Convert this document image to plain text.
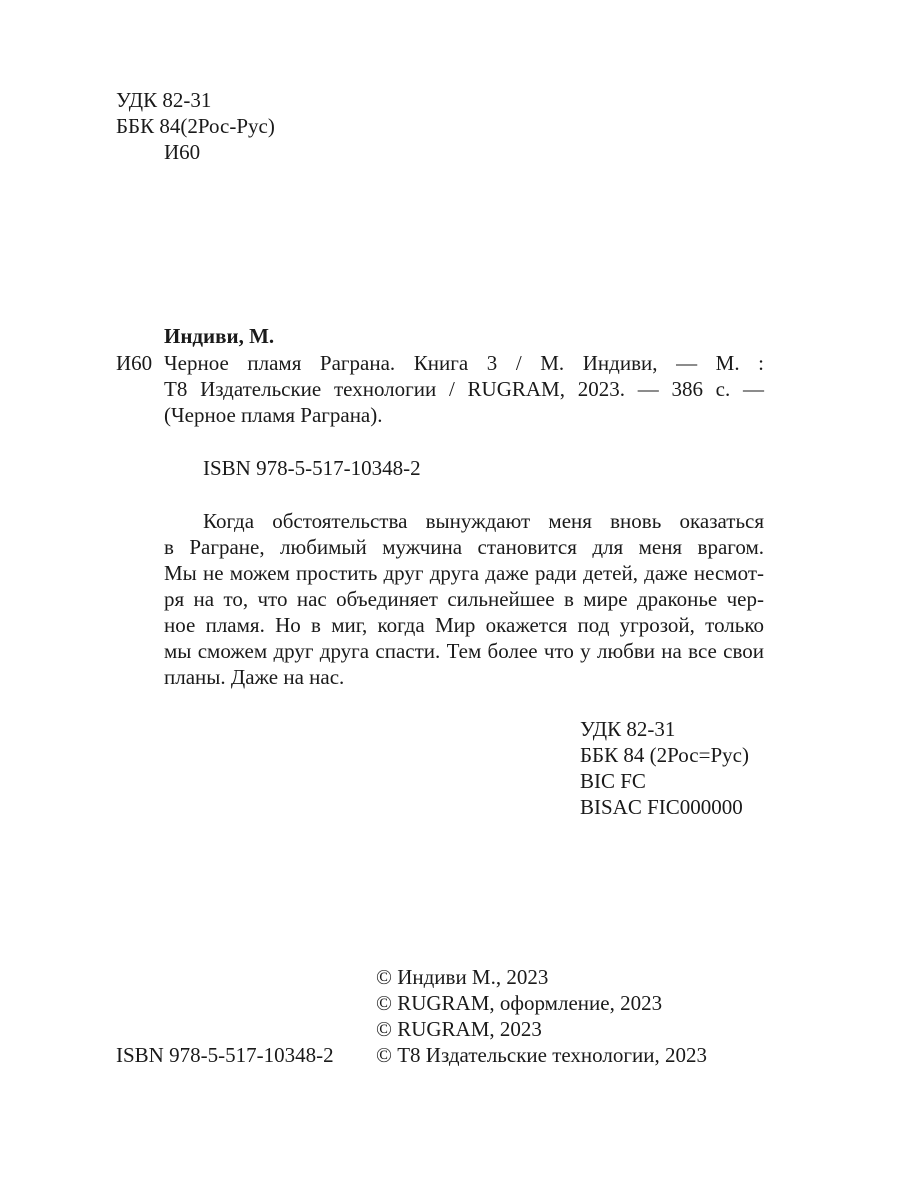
УДК 82-31
ББК 84(2Рос-Рус)
И60
Индиви, М.
И60 Черное пламя Раграна. Книга 3 / М. Индиви, — М. :
Т8 Издательские технологии / RUGRAM, 2023. — 386 с. —
(Черное пламя Раграна).
ISBN 978-5-517-10348-2
Когда обстоятельства вынуждают меня вновь оказаться
в Рагране, любимый мужчина становится для меня врагом.
Мы не можем простить друг друга даже ради детей, даже несмот-
ря на то, что нас объединяет сильнейшее в мире драконье чер-
ное пламя. Но в миг, когда Мир окажется под угрозой, только
мы сможем друг друга спасти. Тем более что у любви на все свои
планы. Даже на нас.
УДК 82-31
ББК 84 (2Рос=Рус)
BIC FC
BISAC FIC000000
© Индиви М., 2023
© RUGRAM, оформление, 2023
© RUGRAM, 2023
© Т8 Издательские технологии, 2023
ISBN 978-5-517-10348-2
